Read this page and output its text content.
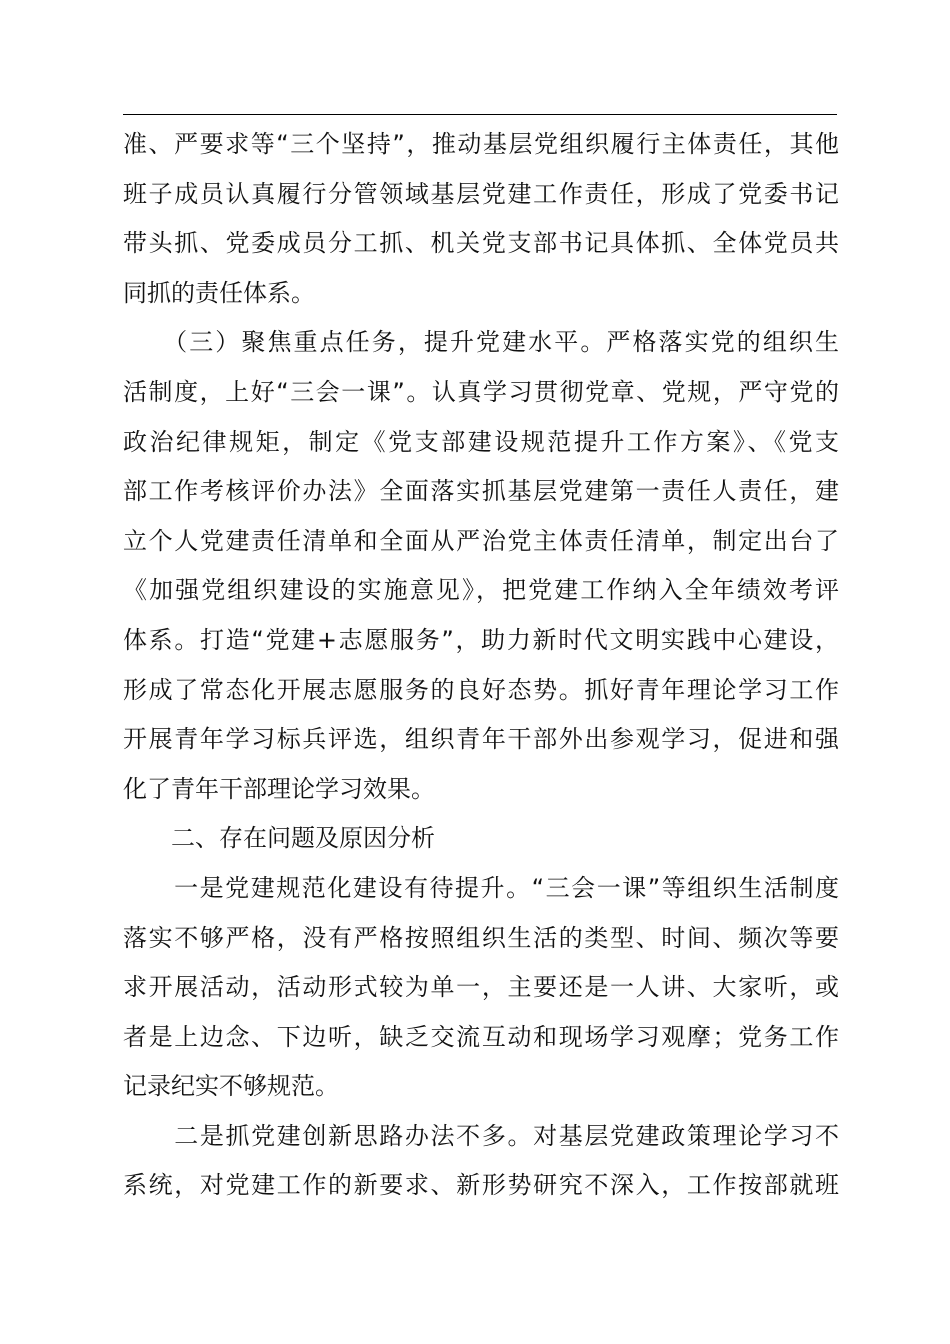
准、严要求等“三个坚持”，推动基层党组织履行主体责任，其他
班子成员认真履行分管领域基层党建工作责任，形成了党委书记
带头抓、党委成员分工抓、机关党支部书记具体抓、全体党员共
同抓的责任体系。
　　（三）聚焦重点任务，提升党建水平。严格落实党的组织生
活制度，上好“三会一课”。认真学习贯彻党章、党规，严守党的
政治纪律规矩，制定《党支部建设规范提升工作方案》、《党支
部工作考核评价办法》全面落实抓基层党建第一责任人责任，建
立个人党建责任清单和全面从严治党主体责任清单，制定出台了
《加强党组织建设的实施意见》，把党建工作纳入全年绩效考评
体系。打造“党建+志愿服务”，助力新时代文明实践中心建设，
形成了常态化开展志愿服务的良好态势。抓好青年理论学习工作
开展青年学习标兵评选，组织青年干部外出参观学习，促进和强
化了青年干部理论学习效果。
　　二、存在问题及原因分析
　　一是党建规范化建设有待提升。“三会一课”等组织生活制度
落实不够严格，没有严格按照组织生活的类型、时间、频次等要
求开展活动，活动形式较为单一，主要还是一人讲、大家听，或
者是上边念、下边听，缺乏交流互动和现场学习观摩；党务工作
记录纪实不够规范。
　　二是抓党建创新思路办法不多。对基层党建政策理论学习不
系统，对党建工作的新要求、新形势研究不深入，工作按部就班
